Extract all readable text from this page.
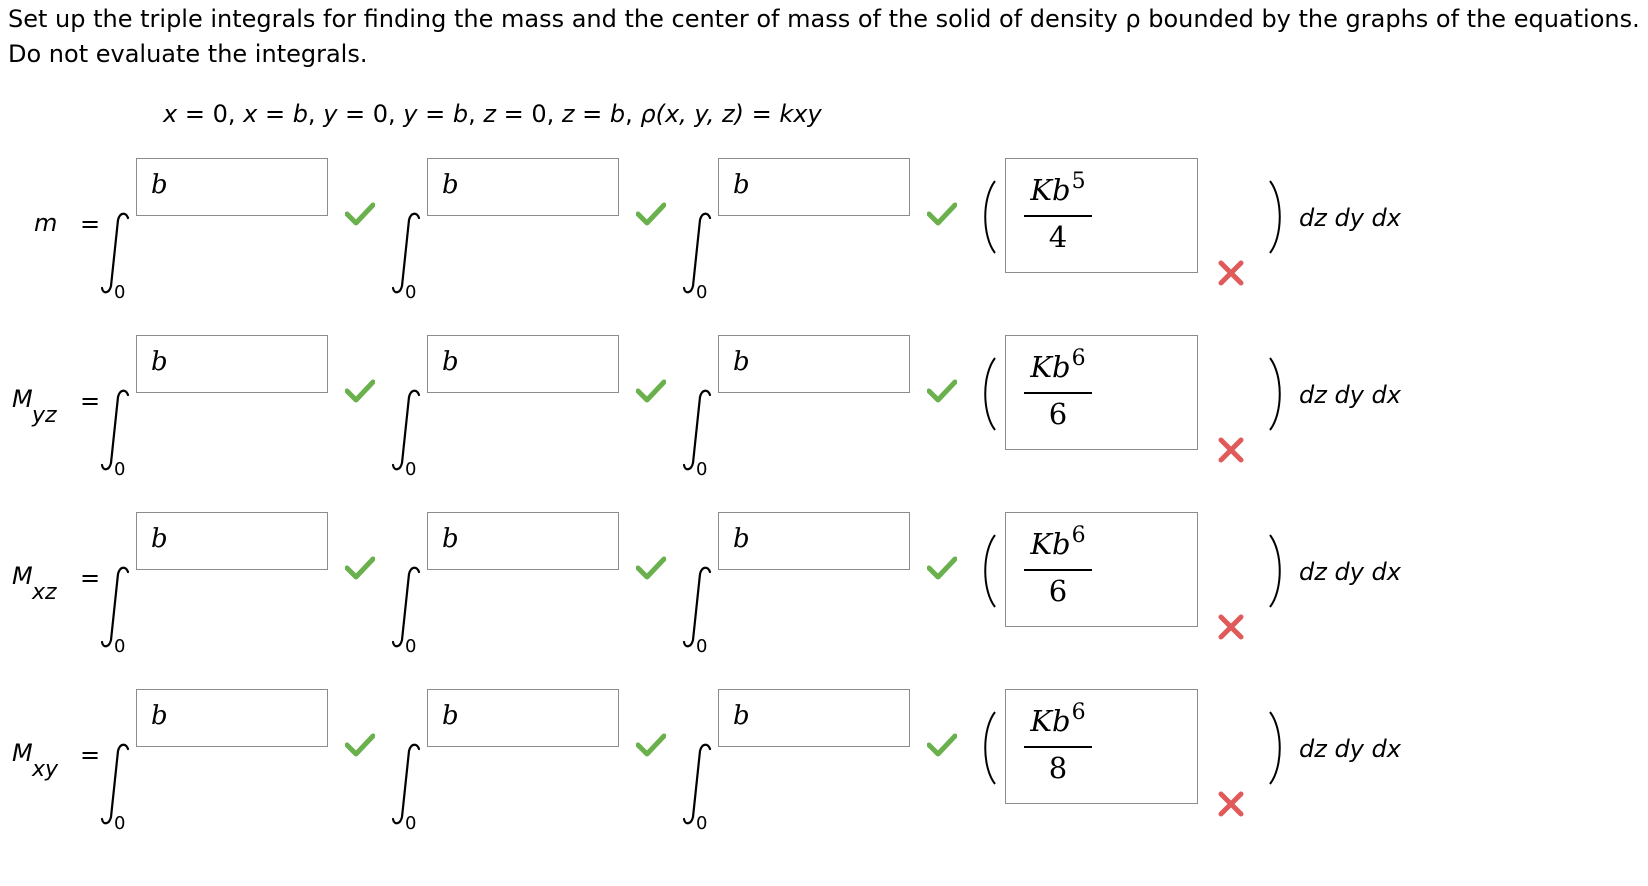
Set up the triple integrals for finding the mass and the center of mass of the solid of density ρ bounded by the graphs of the equations. Do not evaluate the integrals.

x = 0, x = b, y = 0, y = b, z = 0, z = b, ρ(x, y, z) = kxy
m =
0
b
0
b
0
b	Kb$^5$
4
dz dy dx
M
yz
=
0
b
0
b
0
b	Kb$^6$
6
dz dy dx
M
xz
=
0
b
0
b
0
b	Kb$^6$
6
dz dy dx
M
xy
=
0
b
0
b
0
b	Kb$^6$
8
dz dy dx
